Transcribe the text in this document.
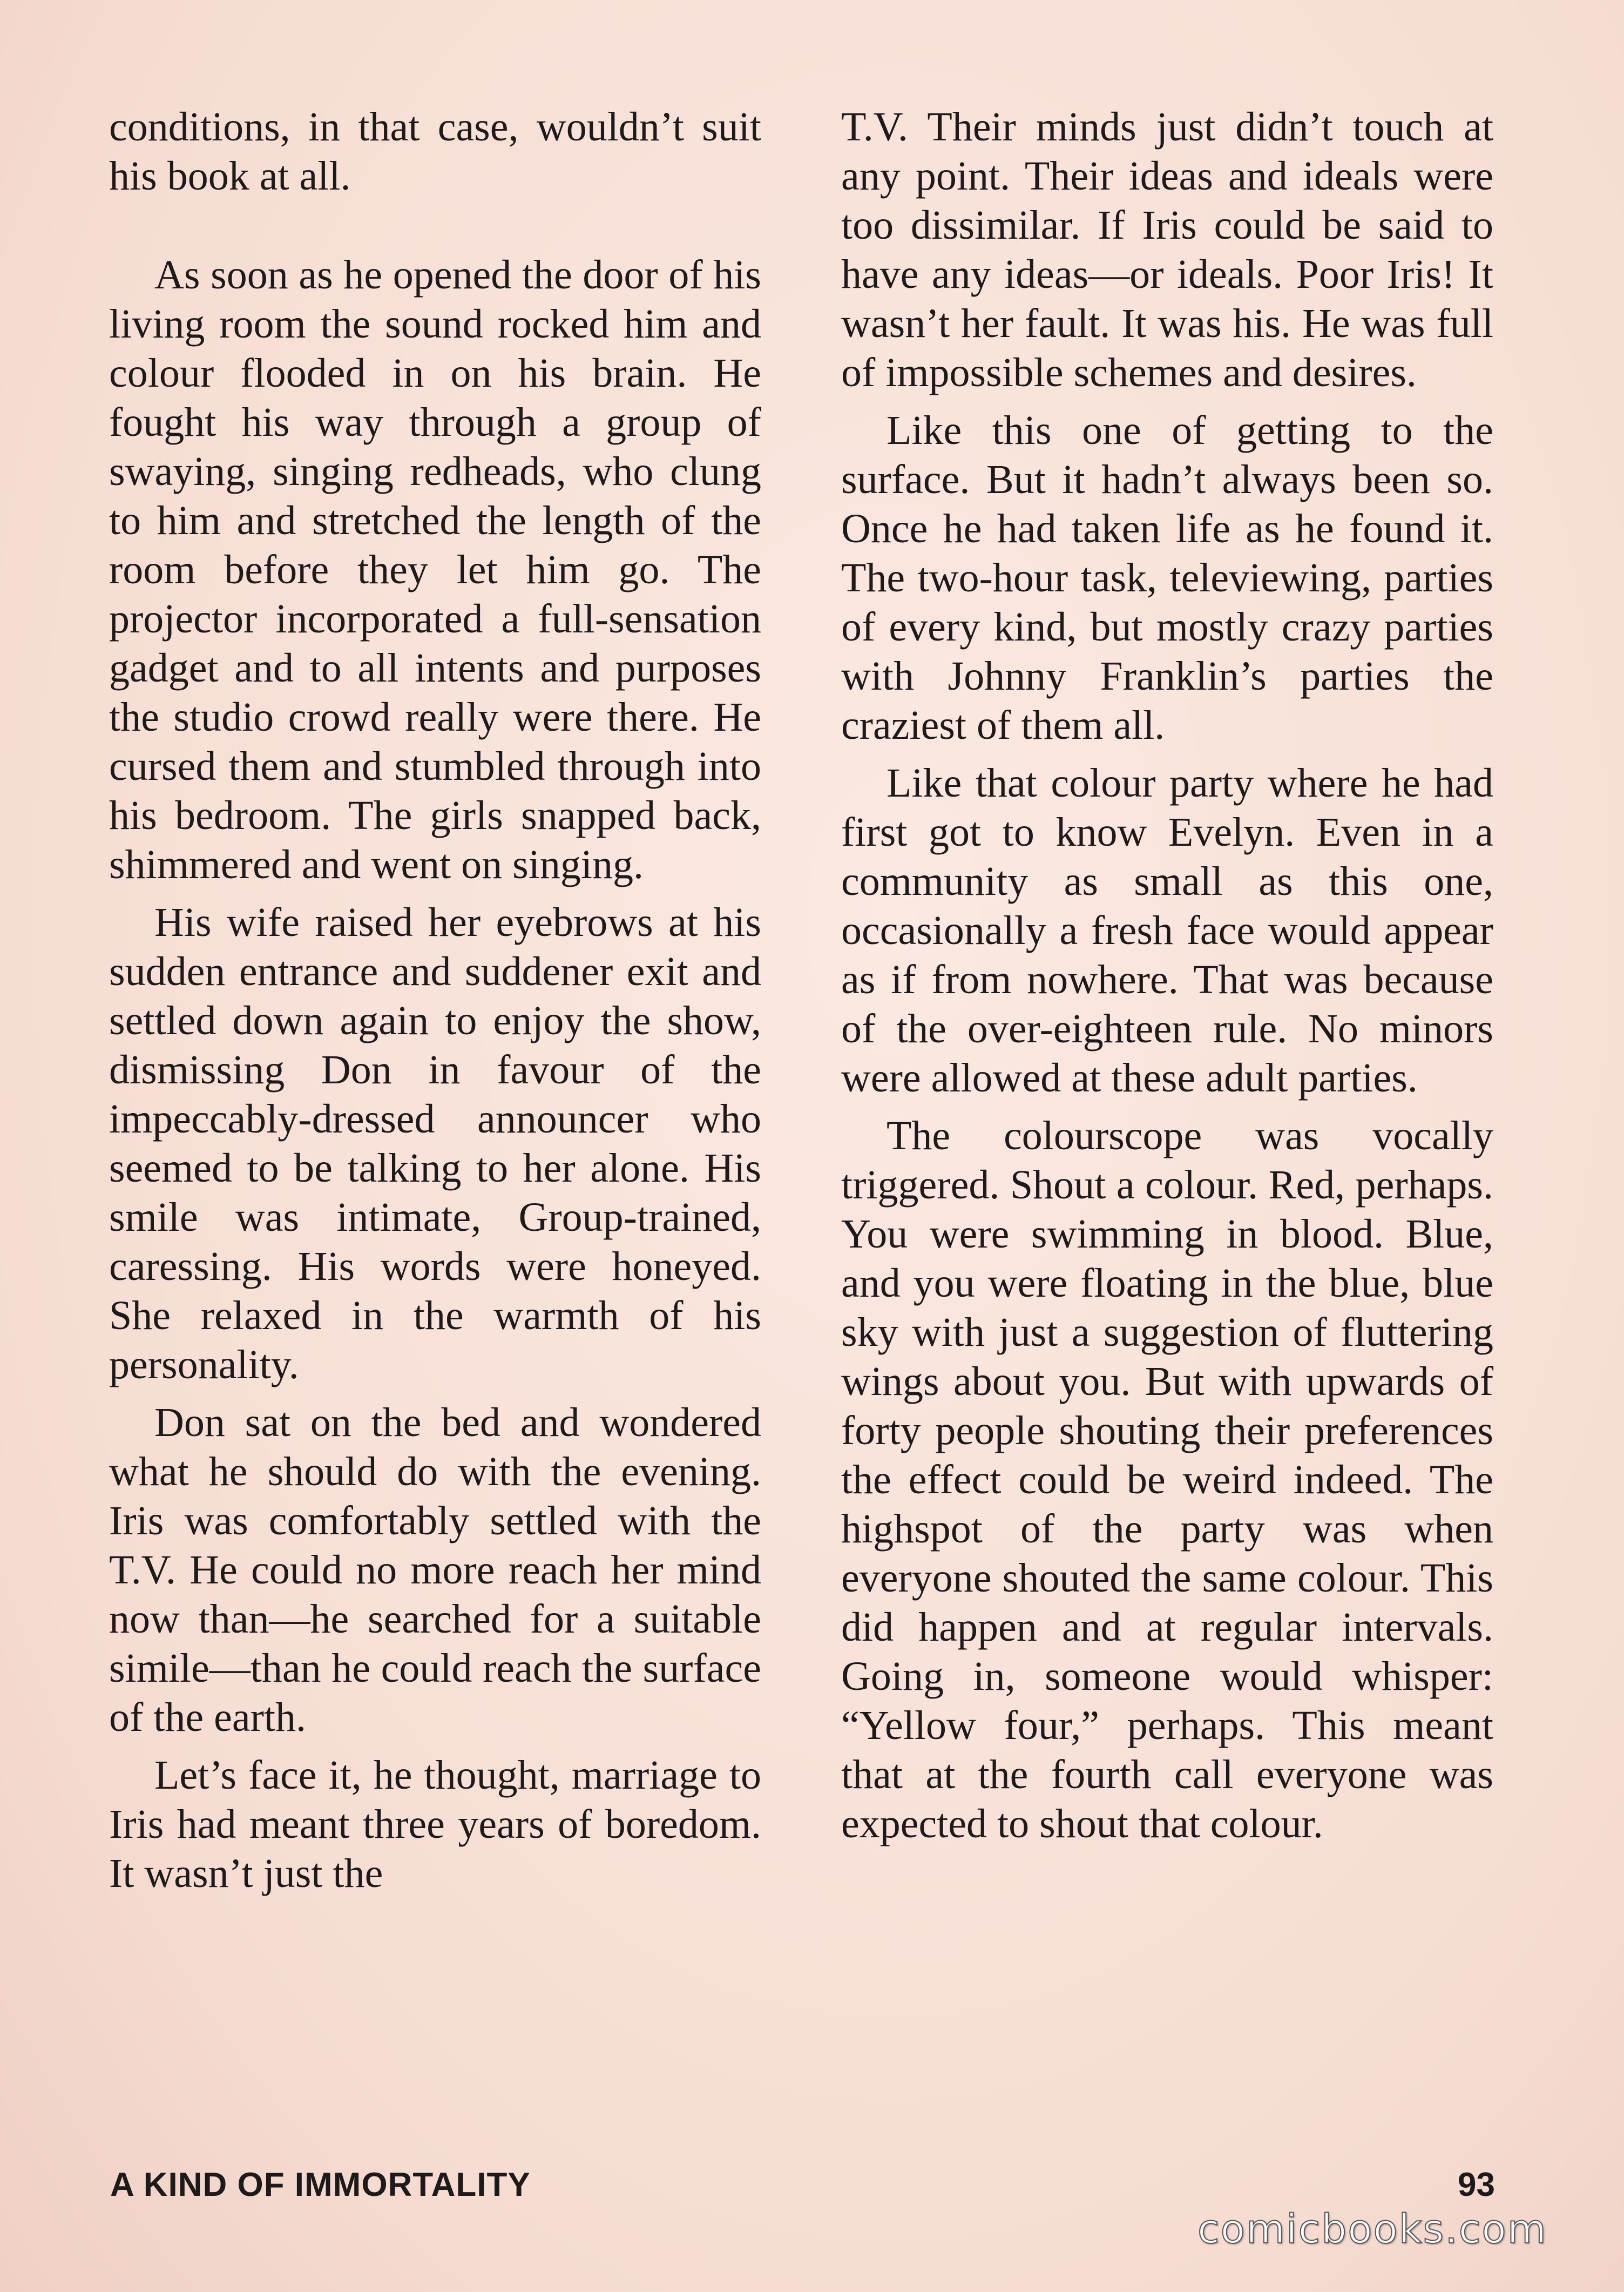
conditions, in that case, wouldn’t suit his book at all.

As soon as he opened the door of his living room the sound rocked him and colour flooded in on his brain. He fought his way through a group of swaying, singing redheads, who clung to him and stretched the length of the room before they let him go. The projector incorporated a full-sensation gadget and to all intents and purposes the studio crowd really were there. He cursed them and stumbled through into his bedroom. The girls snapped back, shimmered and went on singing.

His wife raised her eyebrows at his sudden entrance and suddener exit and settled down again to enjoy the show, dismissing Don in favour of the impeccably-dressed announcer who seemed to be talking to her alone. His smile was intimate, Group-trained, caressing. His words were honeyed. She relaxed in the warmth of his personality.

Don sat on the bed and wondered what he should do with the evening. Iris was comfortably settled with the T.V. He could no more reach her mind now than—he searched for a suitable simile—than he could reach the surface of the earth.

Let’s face it, he thought, marriage to Iris had meant three years of boredom. It wasn’t just the

T.V. Their minds just didn’t touch at any point. Their ideas and ideals were too dissimilar. If Iris could be said to have any ideas—or ideals. Poor Iris! It wasn’t her fault. It was his. He was full of impossible schemes and desires.

Like this one of getting to the surface. But it hadn’t always been so. Once he had taken life as he found it. The two-hour task, televiewing, parties of every kind, but mostly crazy parties with Johnny Franklin’s parties the craziest of them all.

Like that colour party where he had first got to know Evelyn. Even in a community as small as this one, occasionally a fresh face would appear as if from nowhere. That was because of the over-eighteen rule. No minors were allowed at these adult parties.

The colourscope was vocally triggered. Shout a colour. Red, perhaps. You were swimming in blood. Blue, and you were floating in the blue, blue sky with just a suggestion of fluttering wings about you. But with upwards of forty people shouting their preferences the effect could be weird indeed. The highspot of the party was when everyone shouted the same colour. This did happen and at regular intervals. Going in, someone would whisper: “Yellow four,” perhaps. This meant that at the fourth call everyone was expected to shout that colour.

A KIND OF IMMORTALITY	93
comicbooks.com
